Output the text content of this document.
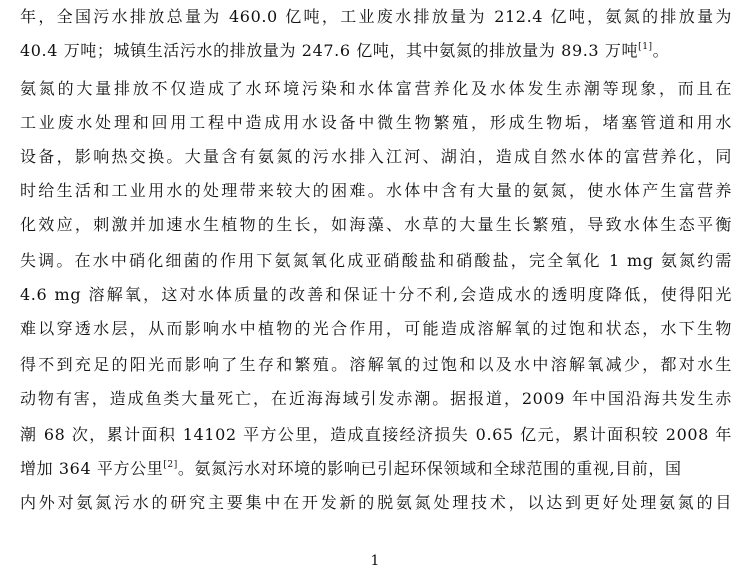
年，全国污水排放总量为 460.0 亿吨，工业废水排放量为 212.4 亿吨，氨氮的排放量为
40.4 万吨；城镇生活污水的排放量为 247.6 亿吨，其中氨氮的排放量为 89.3 万吨[1]。
氨氮的大量排放不仅造成了水环境污染和水体富营养化及水体发生赤潮等现象，而且在
工业废水处理和回用工程中造成用水设备中微生物繁殖，形成生物垢，堵塞管道和用水
设备，影响热交换。大量含有氨氮的污水排入江河、湖泊，造成自然水体的富营养化，同
时给生活和工业用水的处理带来较大的困难。水体中含有大量的氨氮，使水体产生富营养
化效应，刺激并加速水生植物的生长，如海藻、水草的大量生长繁殖，导致水体生态平衡
失调。在水中硝化细菌的作用下氨氮氧化成亚硝酸盐和硝酸盐，完全氧化 1 mg 氨氮约需
4.6 mg 溶解氧，这对水体质量的改善和保证十分不利,会造成水的透明度降低，使得阳光
难以穿透水层，从而影响水中植物的光合作用，可能造成溶解氧的过饱和状态，水下生物
得不到充足的阳光而影响了生存和繁殖。溶解氧的过饱和以及水中溶解氧减少，都对水生
动物有害，造成鱼类大量死亡，在近海海域引发赤潮。据报道，2009 年中国沿海共发生赤
潮 68 次，累计面积 14102 平方公里，造成直接经济损失 0.65 亿元，累计面积较 2008 年
增加 364 平方公里[2]。氨氮污水对环境的影响已引起环保领域和全球范围的重视,目前，国
内外对氨氮污水的研究主要集中在开发新的脱氨氮处理技术，以达到更好处理氨氮的目
1
